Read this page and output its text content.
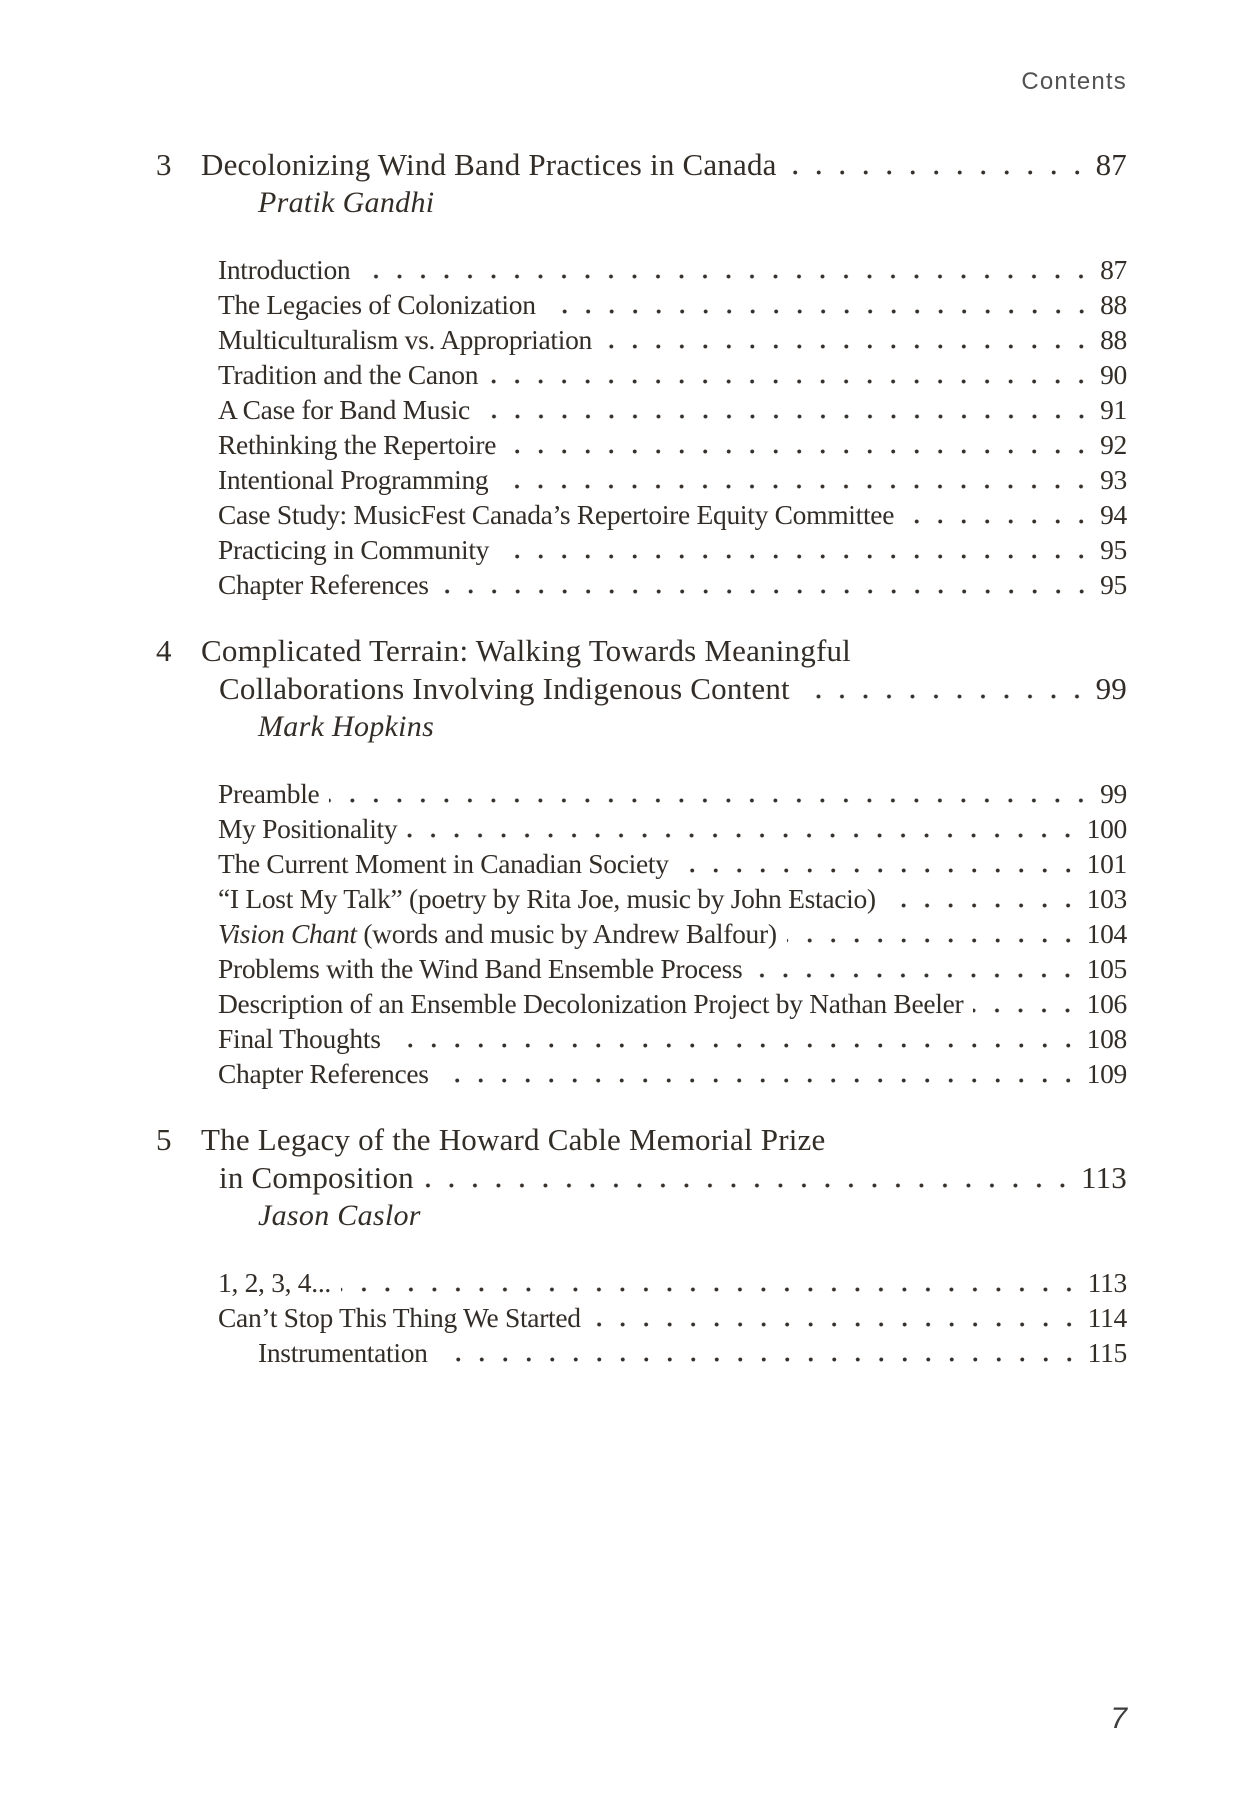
Contents
3 Decolonizing Wind Band Practices in Canada	87
Pratik Gandhi
Introduction	87
The Legacies of Colonization	88
Multiculturalism vs. Appropriation	88
Tradition and the Canon	90
A Case for Band Music	91
Rethinking the Repertoire	92
Intentional Programming	93
Case Study: MusicFest Canada’s Repertoire Equity Committee	94
Practicing in Community	95
Chapter References	95
4 Complicated Terrain: Walking Towards Meaningful
Collaborations Involving Indigenous Content	99
Mark Hopkins
Preamble	99
My Positionality	100
The Current Moment in Canadian Society	101
“I Lost My Talk” (poetry by Rita Joe, music by John Estacio)	103
Vision Chant (words and music by Andrew Balfour)	104
Problems with the Wind Band Ensemble Process	105
Description of an Ensemble Decolonization Project by Nathan Beeler	106
Final Thoughts	108
Chapter References	109
5 The Legacy of the Howard Cable Memorial Prize
in Composition	113
Jason Caslor
1, 2, 3, 4...	113
Can’t Stop This Thing We Started	114
Instrumentation	115
7
